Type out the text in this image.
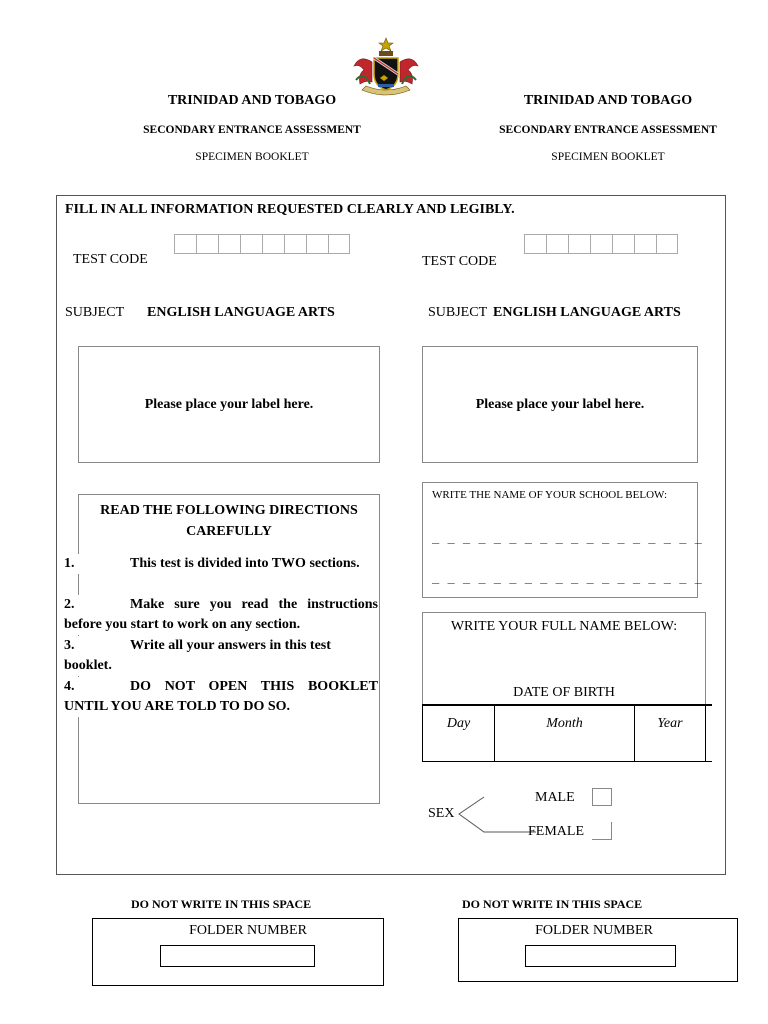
TRINIDAD AND TOBAGO
SECONDARY ENTRANCE ASSESSMENT
SPECIMEN BOOKLET
TRINIDAD AND TOBAGO
SECONDARY ENTRANCE ASSESSMENT
SPECIMEN BOOKLET
FILL IN ALL INFORMATION REQUESTED CLEARLY AND LEGIBLY.
TEST CODE	TEST CODE
SUBJECT ENGLISH LANGUAGE ARTS	SUBJECT ENGLISH LANGUAGE ARTS
Please place your label here.	Please place your label here.
READ THE FOLLOWING DIRECTIONS
CAREFULLY
1.	This test is divided into TWO sections.
2.	Make sure you read the instructions before you start to work on any section.
3.	Write all your answers in this test booklet.
4.	DO NOT OPEN THIS BOOKLET UNTIL YOU ARE TOLD TO DO SO.
WRITE THE NAME OF YOUR SCHOOL BELOW:
_ _ _ _ _ _ _ _ _ _ _ _ _ _ _ _ _ _
_ _ _ _ _ _ _ _ _ _ _ _ _ _ _ _ _ _
WRITE YOUR FULL NAME BELOW:
DATE OF BIRTH
Day	Month	Year
SEX
MALE
FEMALE
DO NOT WRITE IN THIS SPACE
FOLDER NUMBER
DO NOT WRITE IN THIS SPACE
FOLDER NUMBER
